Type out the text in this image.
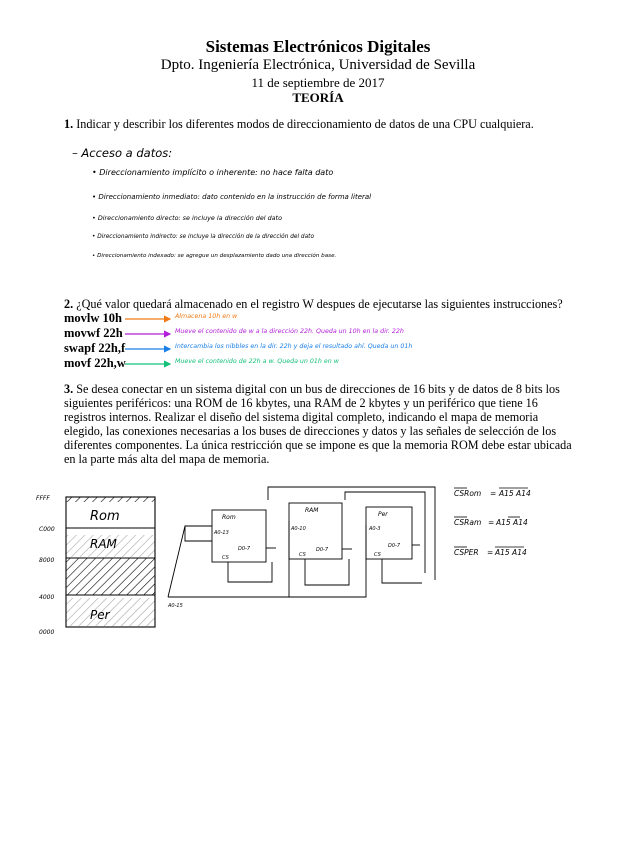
Sistemas Electrónicos Digitales
Dpto. Ingeniería Electrónica, Universidad de Sevilla
11 de septiembre de 2017
TEORÍA
1. Indicar y describir los diferentes modos de direccionamiento de datos de una CPU cualquiera.
– Acceso a datos:
• Direccionamiento implícito o inherente: no hace falta dato
• Direccionamiento inmediato: dato contenido en la instrucción de forma literal
• Direccionamiento directo: se incluye la dirección del dato
• Direccionamiento indirecto: se incluye la dirección de la dirección del dato
• Direccionamiento indexado: se agregue un desplazamiento dado una dirección base.
2. ¿Qué valor quedará almacenado en el registro W despues de ejecutarse las siguientes instrucciones?
movlw 10h
movwf 22h
swapf 22h,f
movf 22h,w
Almacena 10h en w
Mueve el contenido de w a la dirección 22h. Queda un 10h en la dir. 22h
Intercambia los nibbles en la dir. 22h y deja el resultado ahí. Queda un 01h
Mueve el contenido de 22h a w. Queda un 01h en w
3. Se desea conectar en un sistema digital con un bus de direcciones de 16 bits y de datos de 8 bits los siguientes periféricos: una ROM de 16 kbytes, una RAM de 2 kbytes y un periférico que tiene 16 registros internos. Realizar el diseño del sistema digital completo, indicando el mapa de memoria elegido, las conexiones necesarias a los buses de direcciones y datos y las señales de selección de los diferentes componentes. La única restricción que se impone es que la memoria ROM debe estar ubicada en la parte más alta del mapa de memoria.
FFFF
C000
8000
4000
0000
Rom
RAM
Per
Rom
A0-13
D0-7
CS
RAM
A0-10
D0-7
CS
Per
A0-3
D0-7
CS
A0-15
CSRom = A15 A14
CSRam = A15 A14
CSPER = A15 A14
